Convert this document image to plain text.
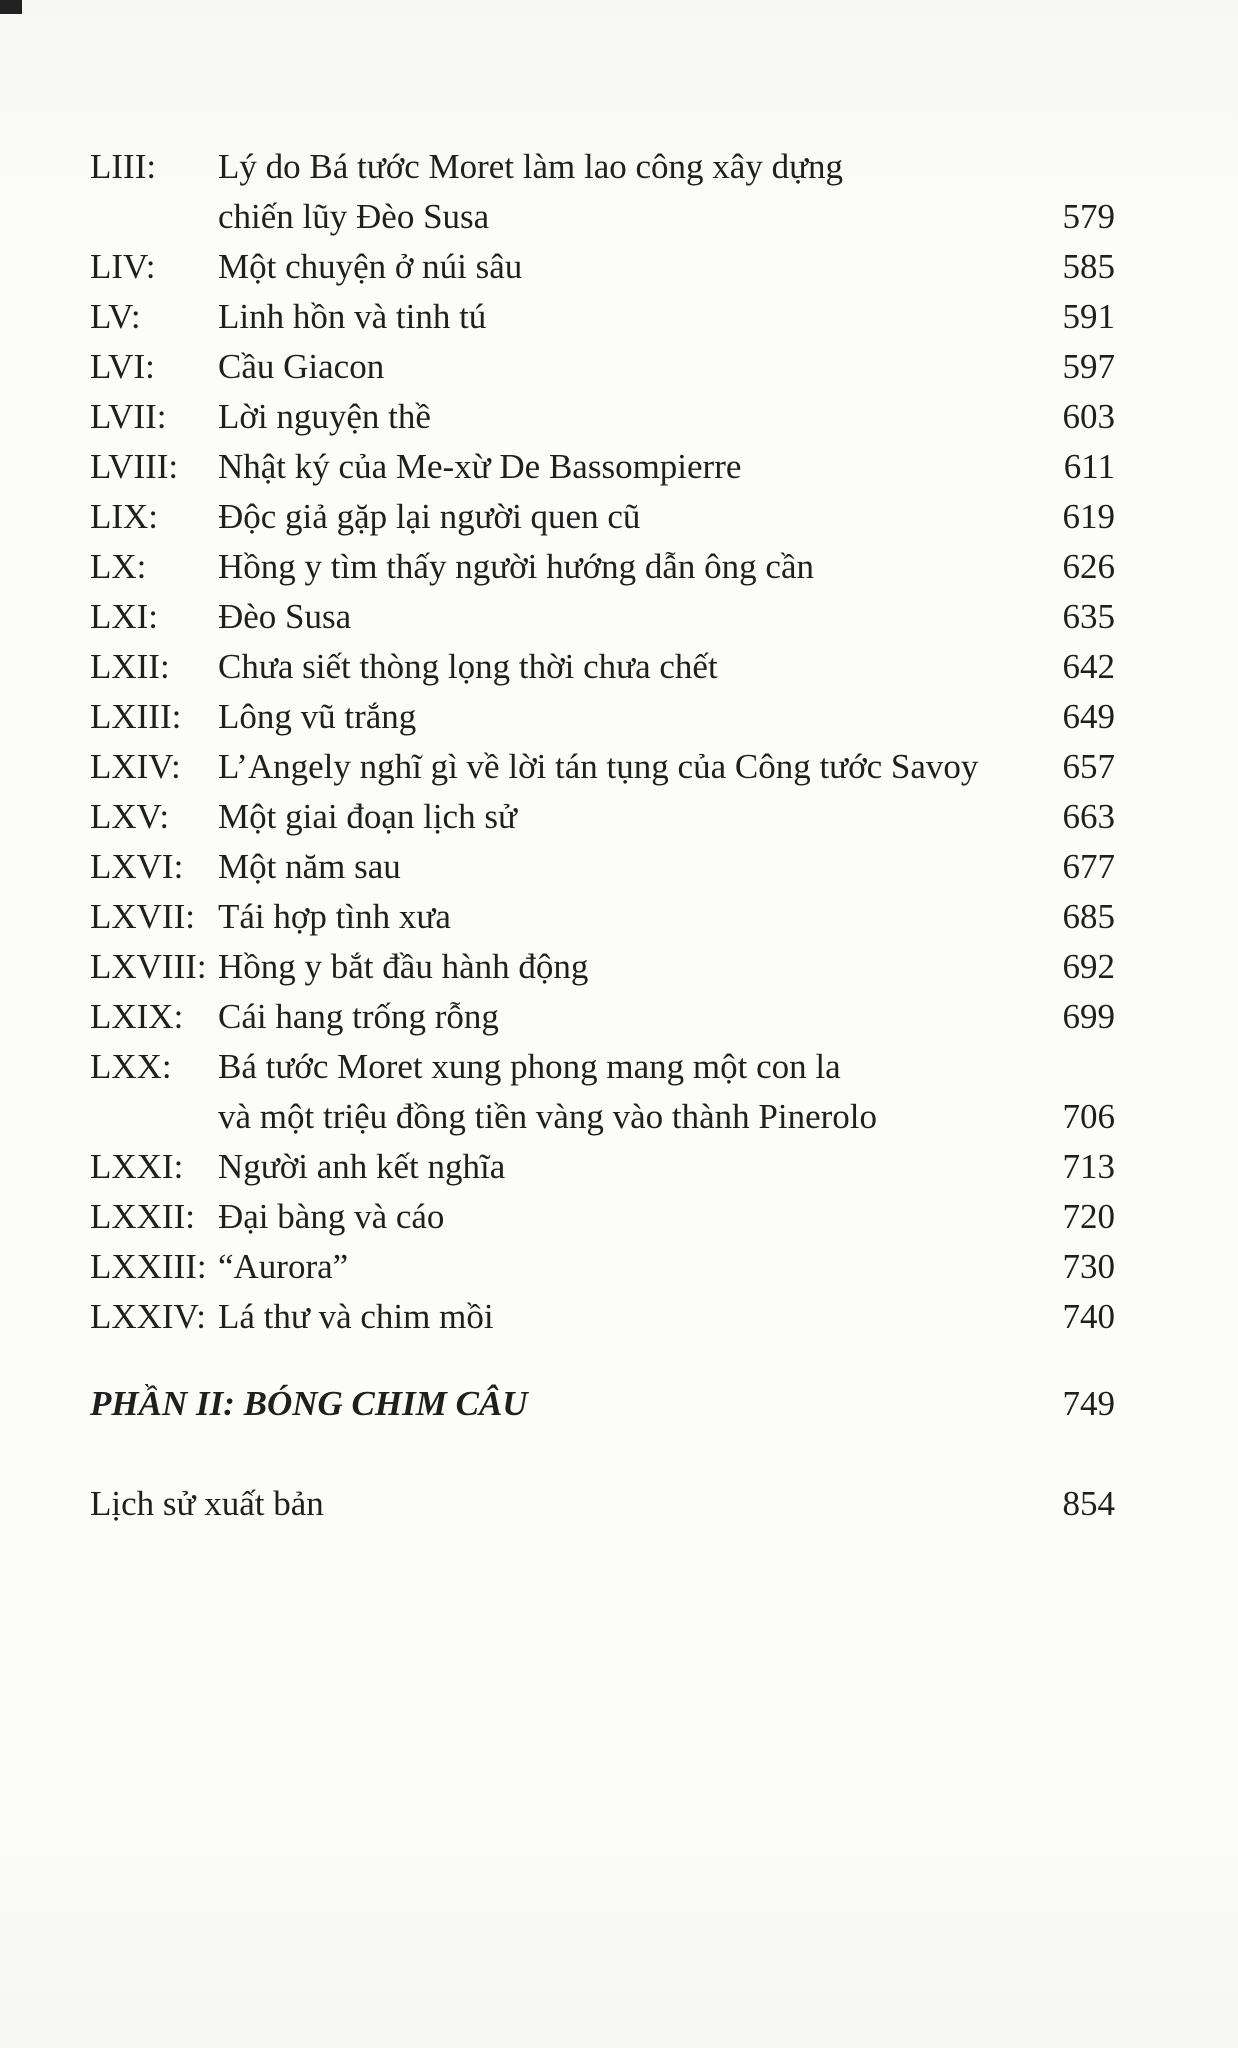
LIII:	Lý do Bá tước Moret làm lao công xây dựng
chiến lũy Đèo Susa	579
LIV:	Một chuyện ở núi sâu	585
LV:	Linh hồn và tinh tú	591
LVI:	Cầu Giacon	597
LVII:	Lời nguyện thề	603
LVIII:	Nhật ký của Me-xừ De Bassompierre	611
LIX:	Độc giả gặp lại người quen cũ	619
LX:	Hồng y tìm thấy người hướng dẫn ông cần	626
LXI:	Đèo Susa	635
LXII:	Chưa siết thòng lọng thời chưa chết	642
LXIII:	Lông vũ trắng	649
LXIV:	L’Angely nghĩ gì về lời tán tụng của Công tước Savoy	657
LXV:	Một giai đoạn lịch sử	663
LXVI: Một năm sau	677
LXVII: Tái hợp tình xưa	685
LXVIII: Hồng y bắt đầu hành động	692
LXIX: Cái hang trống rỗng	699
LXX:	Bá tước Moret xung phong mang một con la
và một triệu đồng tiền vàng vào thành Pinerolo	706
LXXI: Người anh kết nghĩa	713
LXXII: Đại bàng và cáo	720
LXXIII: “Aurora”	730
LXXIV: Lá thư và chim mồi	740
PHẦN II: BÓNG CHIM CÂU	749
Lịch sử xuất bản	854
